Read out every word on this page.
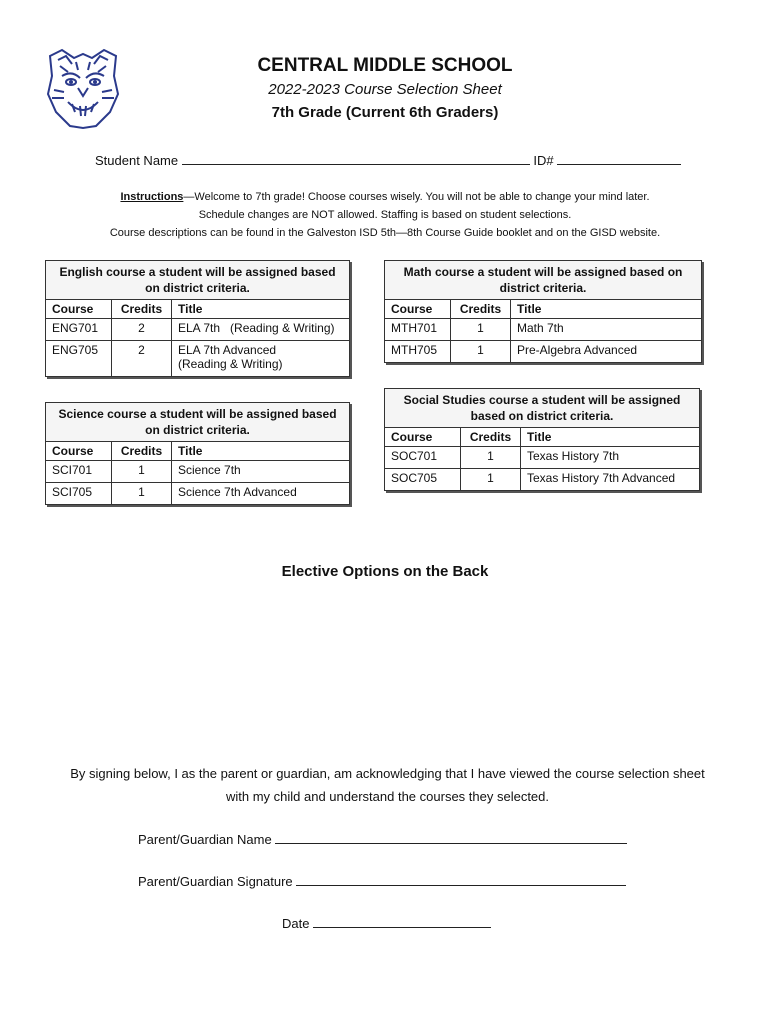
CENTRAL MIDDLE SCHOOL
2022-2023 Course Selection Sheet
7th Grade (Current 6th Graders)
Student Name	ID#
Instructions—Welcome to 7th grade! Choose courses wisely. You will not be able to change your mind later.
Schedule changes are NOT allowed. Staffing is based on student selections.
Course descriptions can be found in the Galveston ISD 5th—8th Course Guide booklet and on the GISD website.
English course a student will be assigned based on district criteria.		
Course	Credits	Title
ENG701	2	ELA 7th   (Reading & Writing)
ENG705	2	ELA 7th Advanced
(Reading & Writing)
Math course a student will be assigned based on district criteria.		
Course	Credits	Title
MTH701	1	Math 7th
MTH705	1	Pre-Algebra Advanced
Science course a student will be assigned based on district criteria.		
Course	Credits	Title
SCI701	1	Science 7th
SCI705	1	Science 7th Advanced
Social Studies course a student will be assigned based on district criteria.		
Course	Credits	Title
SOC701	1	Texas History 7th
SOC705	1	Texas History 7th Advanced
Elective Options on the Back
By signing below, I as the parent or guardian, am acknowledging that I have viewed the course selection sheet with my child and understand the courses they selected.
Parent/Guardian Name
Parent/Guardian Signature
Date
